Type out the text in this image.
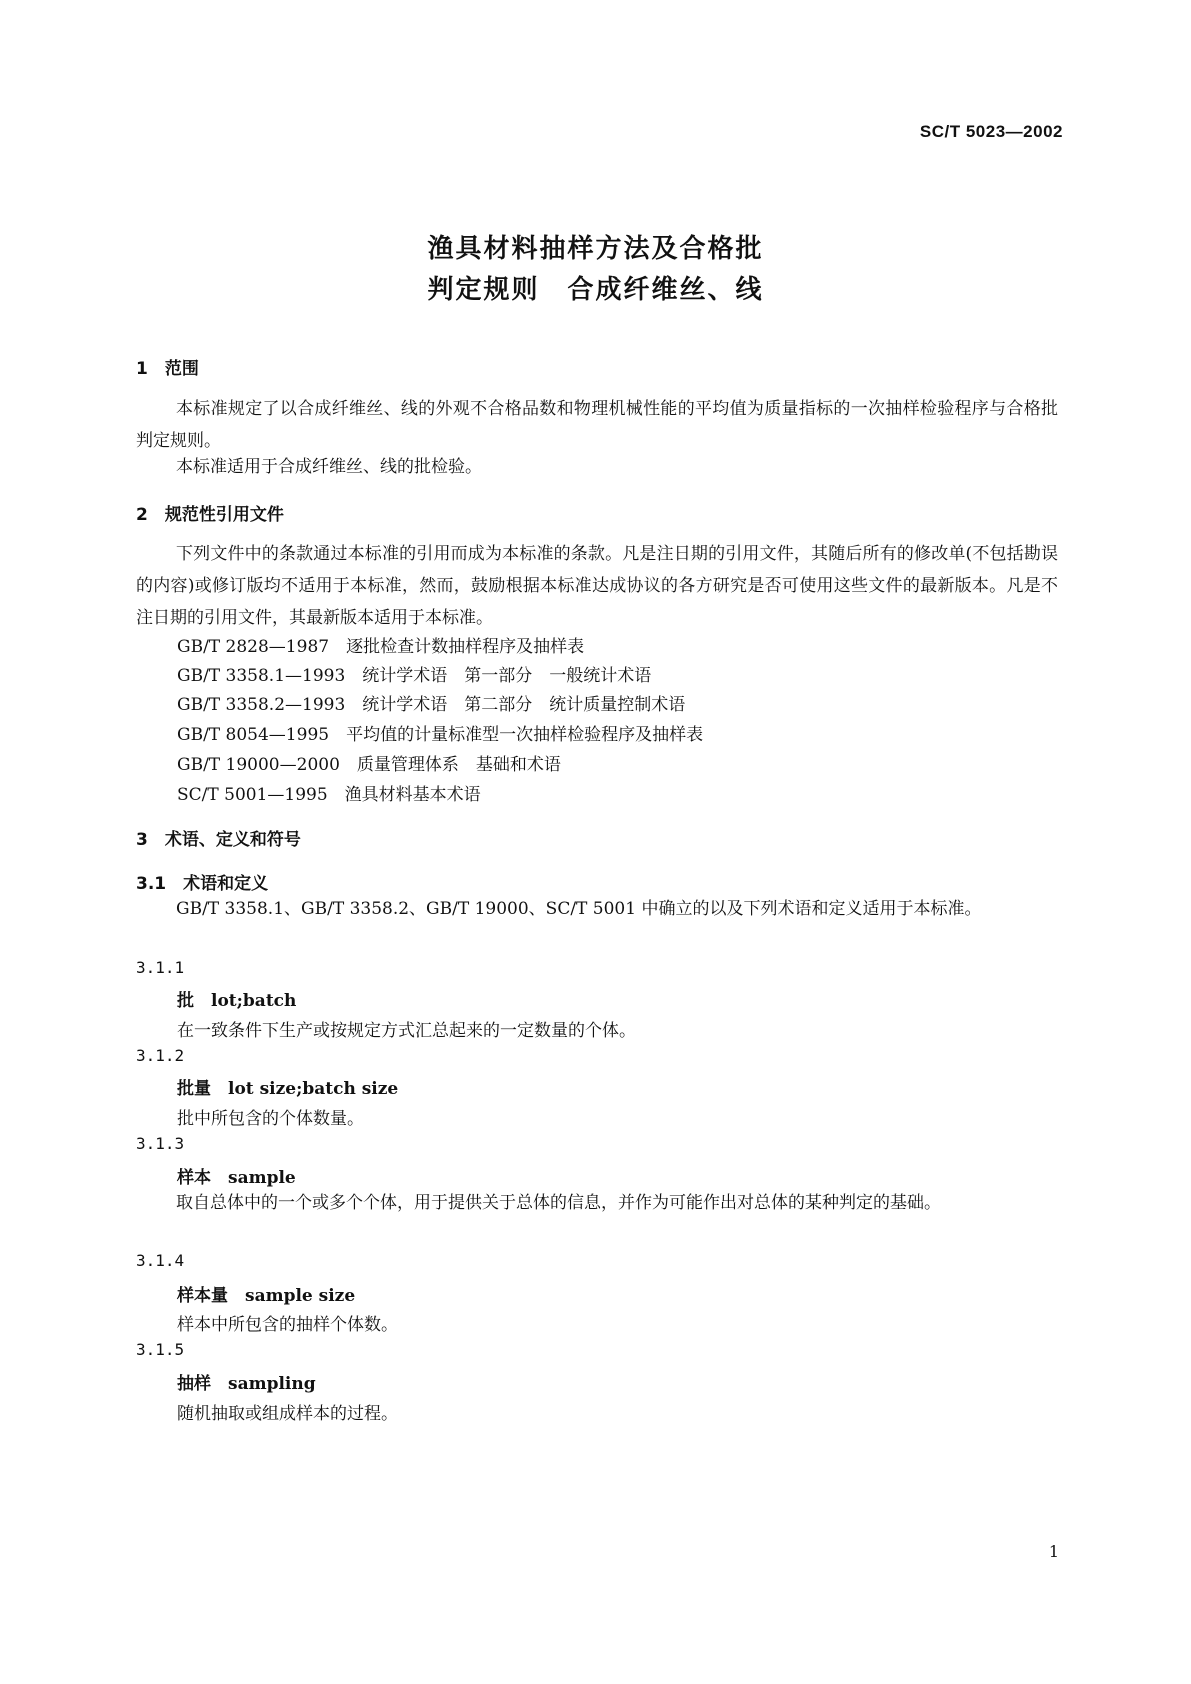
SC/T 5023—2002
渔具材料抽样方法及合格批
判定规则　合成纤维丝、线
1　范围
本标准规定了以合成纤维丝、线的外观不合格品数和物理机械性能的平均值为质量指标的一次抽样检验程序与合格批判定规则。
本标准适用于合成纤维丝、线的批检验。
2　规范性引用文件
下列文件中的条款通过本标准的引用而成为本标准的条款。凡是注日期的引用文件，其随后所有的修改单(不包括勘误的内容)或修订版均不适用于本标准，然而，鼓励根据本标准达成协议的各方研究是否可使用这些文件的最新版本。凡是不注日期的引用文件，其最新版本适用于本标准。
GB/T 2828—1987　逐批检查计数抽样程序及抽样表
GB/T 3358.1—1993　统计学术语　第一部分　一般统计术语
GB/T 3358.2—1993　统计学术语　第二部分　统计质量控制术语
GB/T 8054—1995　平均值的计量标准型一次抽样检验程序及抽样表
GB/T 19000—2000　质量管理体系　基础和术语
SC/T 5001—1995　渔具材料基本术语
3　术语、定义和符号
3.1　术语和定义
GB/T 3358.1、GB/T 3358.2、GB/T 19000、SC/T 5001 中确立的以及下列术语和定义适用于本标准。
3.1.1
批　lot;batch
在一致条件下生产或按规定方式汇总起来的一定数量的个体。
3.1.2
批量　lot size;batch size
批中所包含的个体数量。
3.1.3
样本　sample
取自总体中的一个或多个个体，用于提供关于总体的信息，并作为可能作出对总体的某种判定的基础。
3.1.4
样本量　sample size
样本中所包含的抽样个体数。
3.1.5
抽样　sampling
随机抽取或组成样本的过程。
1
